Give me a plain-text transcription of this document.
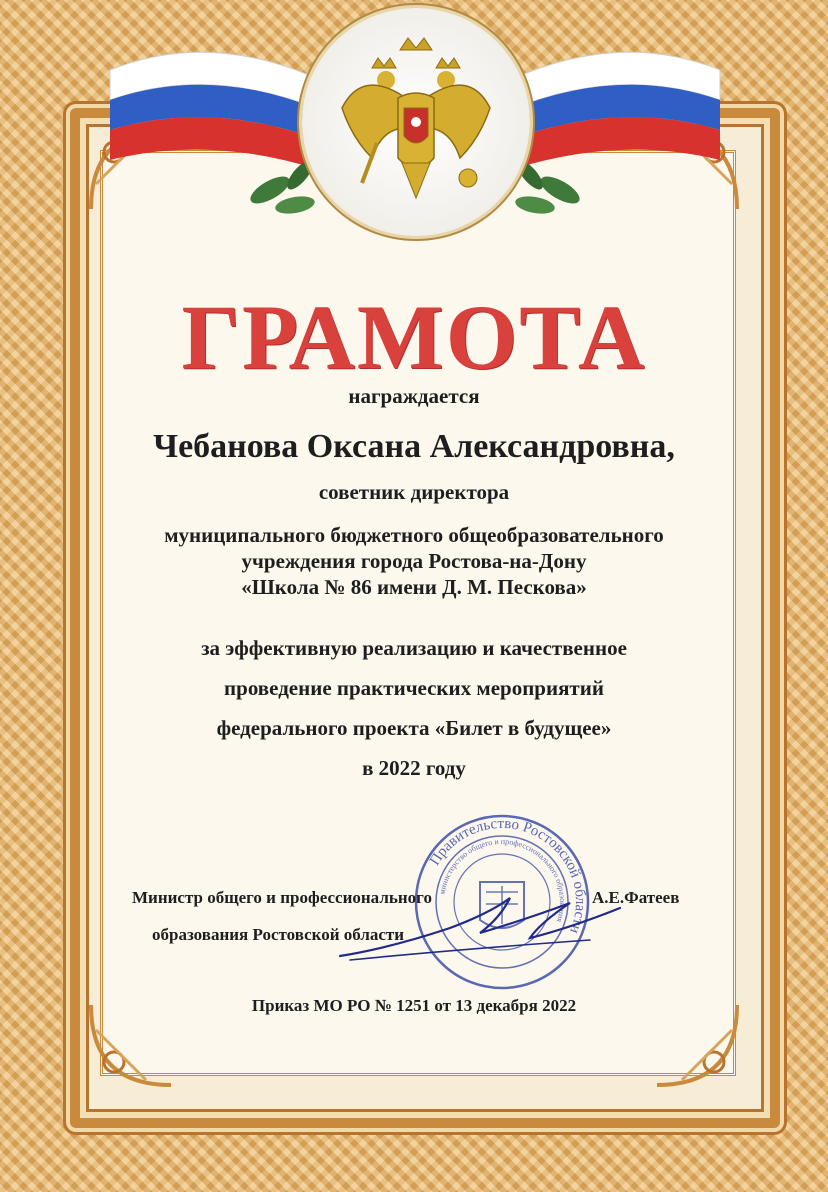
ГРАМОТА
награждается
Чебанова Оксана Александровна,
советник директора
муниципального бюджетного общеобразовательного
учреждения города Ростова-на-Дону
«Школа № 86 имени Д. М. Пескова»
за эффективную реализацию и качественное
проведение практических мероприятий
федерального проекта «Билет в будущее»
в 2022 году
Правительство Ростовской области
министерство общего и профессионального образования
Министр общего и профессионального
образования Ростовской области
А.Е.Фатеев
Приказ МО РО № 1251 от 13 декабря 2022
